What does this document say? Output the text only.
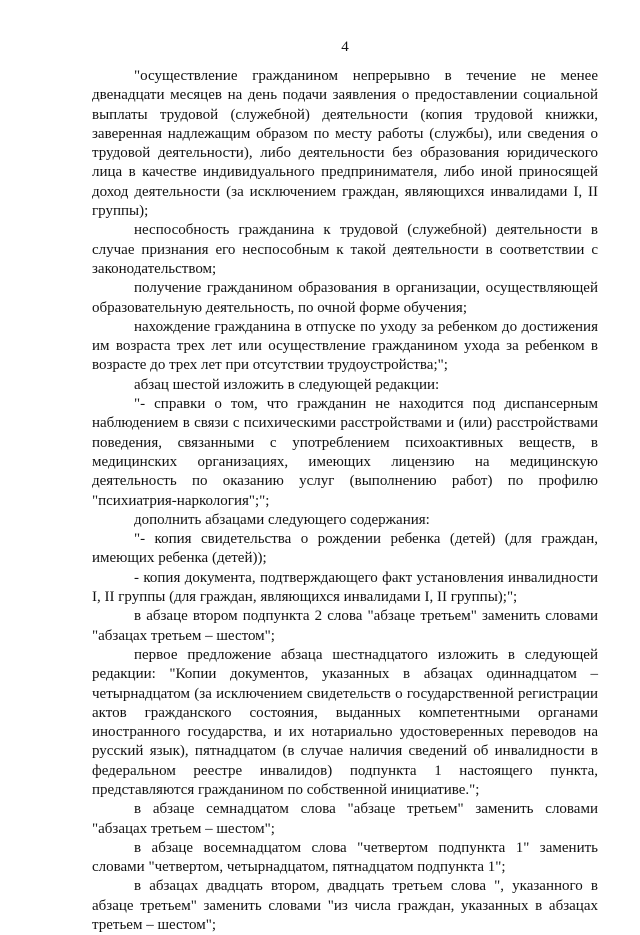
4

"осуществление гражданином непрерывно в течение не менее двенадцати месяцев на день подачи заявления о предоставлении социальной выплаты трудовой (служебной) деятельности (копия трудовой книжки, заверенная надлежащим образом по месту работы (службы), или сведения о трудовой деятельности), либо деятельности без образования юридического лица в качестве индивидуального предпринимателя, либо иной приносящей доход деятельности (за исключением граждан, являющихся инвалидами I, II группы);

неспособность гражданина к трудовой (служебной) деятельности в случае признания его неспособным к такой деятельности в соответствии с законодательством;

получение гражданином образования в организации, осуществляющей образовательную деятельность, по очной форме обучения;

нахождение гражданина в отпуске по уходу за ребенком до достижения им возраста трех лет или осуществление гражданином ухода за ребенком в возрасте до трех лет при отсутствии трудоустройства;";

абзац шестой изложить в следующей редакции:

"- справки о том, что гражданин не находится под диспансерным наблюдением в связи с психическими расстройствами и (или) расстройствами поведения, связанными с употреблением психоактивных веществ, в медицинских организациях, имеющих лицензию на медицинскую деятельность по оказанию услуг (выполнению работ) по профилю "психиатрия-наркология";";

дополнить абзацами следующего содержания:

"- копия свидетельства о рождении ребенка (детей) (для граждан, имеющих ребенка (детей));

- копия документа, подтверждающего факт установления инвалидности I, II группы (для граждан, являющихся инвалидами I, II группы);";

в абзаце втором подпункта 2 слова "абзаце третьем" заменить словами "абзацах третьем – шестом";

первое предложение абзаца шестнадцатого изложить в следующей редакции: "Копии документов, указанных в абзацах одиннадцатом – четырнадцатом (за исключением свидетельств о государственной регистрации актов гражданского состояния, выданных компетентными органами иностранного государства, и их нотариально удостоверенных переводов на русский язык), пятнадцатом (в случае наличия сведений об инвалидности в федеральном реестре инвалидов) подпункта 1 настоящего пункта, представляются гражданином по собственной инициативе.";

в абзаце семнадцатом слова "абзаце третьем" заменить словами "абзацах третьем – шестом";

в абзаце восемнадцатом слова "четвертом подпункта 1" заменить словами "четвертом, четырнадцатом, пятнадцатом подпункта 1";

в абзацах двадцать втором, двадцать третьем слова ", указанного в абзаце третьем" заменить словами "из числа граждан, указанных в абзацах третьем – шестом";
